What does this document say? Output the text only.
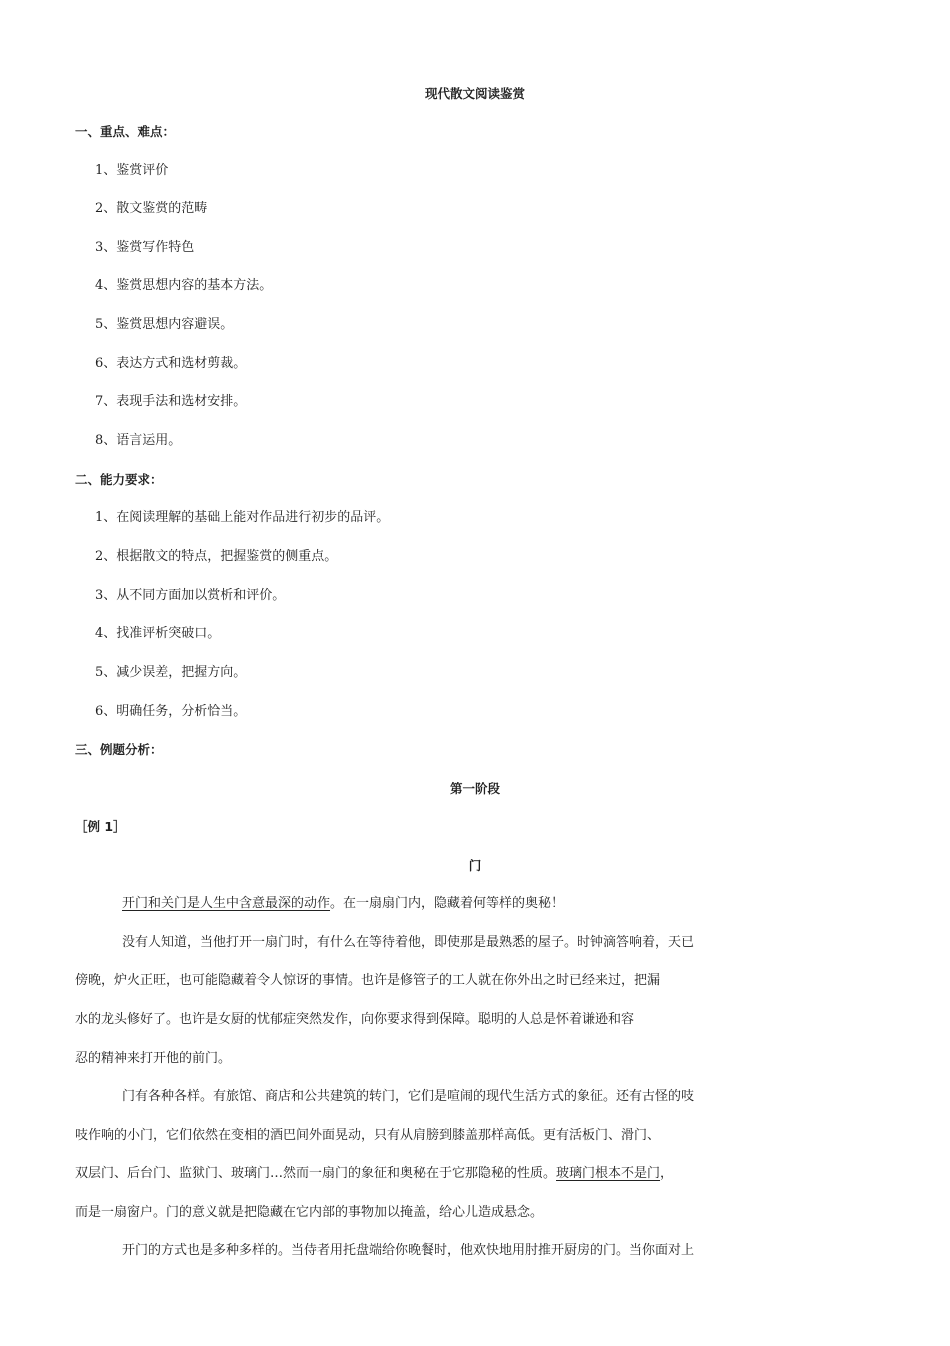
现代散文阅读鉴赏
一、重点、难点：
1、鉴赏评价
2、散文鉴赏的范畴
3、鉴赏写作特色
4、鉴赏思想内容的基本方法。
5、鉴赏思想内容避误。
6、表达方式和选材剪裁。
7、表现手法和选材安排。
8、语言运用。
二、能力要求：
1、在阅读理解的基础上能对作品进行初步的品评。
2、根据散文的特点，把握鉴赏的侧重点。
3、从不同方面加以赏析和评价。
4、找准评析突破口。
5、减少误差，把握方向。
6、明确任务，分析恰当。
三、例题分析：
第一阶段
［例 1］
门
开门和关门是人生中含意最深的动作。在一扇扇门内，隐藏着何等样的奥秘！
没有人知道，当他打开一扇门时，有什么在等待着他，即使那是最熟悉的屋子。时钟滴答响着，天已
傍晚，炉火正旺，也可能隐藏着令人惊讶的事情。也许是修管子的工人就在你外出之时已经来过，把漏
水的龙头修好了。也许是女厨的忧郁症突然发作，向你要求得到保障。聪明的人总是怀着谦逊和容
忍的精神来打开他的前门。
门有各种各样。有旅馆、商店和公共建筑的转门，它们是喧闹的现代生活方式的象征。还有古怪的吱
吱作响的小门，它们依然在变相的酒巴间外面晃动，只有从肩膀到膝盖那样高低。更有活板门、滑门、
双层门、后台门、监狱门、玻璃门…然而一扇门的象征和奥秘在于它那隐秘的性质。玻璃门根本不是门，
而是一扇窗户。门的意义就是把隐藏在它内部的事物加以掩盖，给心儿造成悬念。
开门的方式也是多种多样的。当侍者用托盘端给你晚餐时，他欢快地用肘推开厨房的门。当你面对上
